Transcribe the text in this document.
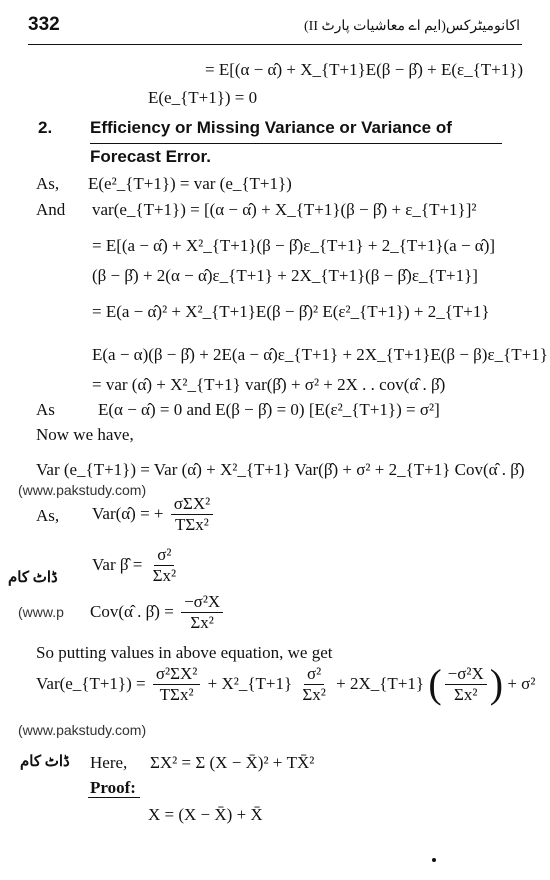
332	اکانومیٹرکس(ایم اے معاشیات پارٹ II)
= E[(α − α̂) + X_{T+1}E(β − β̂) + E(ε_{T+1})
E(e_{T+1}) = 0
2. Efficiency or Missing Variance or Variance of
Forecast Error.
As, E(e²_{T+1}) = var (e_{T+1})
And var(e_{T+1}) = [(α − α̂) + X_{T+1}(β − β̂) + ε_{T+1}]²
= E[(a − α̂) + X²_{T+1}(β − β̂)ε_{T+1} + 2_{T+1}(a − α̂)]
(β − β̂) + 2(α − α̂)ε_{T+1} + 2X_{T+1}(β − β̂)ε_{T+1}]
= E(a − α̂)² + X²_{T+1}E(β − β̂)² E(ε²_{T+1}) + 2_{T+1}
E(a − α)(β − β̂) + 2E(a − α̂)ε_{T+1} + 2X_{T+1}E(β − β)ε_{T+1}
= var (α̂) + X²_{T+1} var(β̂) + σ² + 2X . . cov(α̂ . β̂)
As	E(α − α̂) = 0 and E(β − β̂) = 0) [E(ε²_{T+1}) = σ²]
Now we have,
Var (e_{T+1}) = Var (α̂) + X²_{T+1} Var(β̂) + σ² + 2_{T+1} Cov(α̂ . β̂)
(www.pakstudy.com)
As, Var(α̂) = + $\frac{\text{σΣX²}}{\text{TΣx²}}$
ڈاٹ کام
Var β̂ = $\frac{\text{σ²}}{\text{Σx²}}$
(www.p Cov(α̂ . β̂) = $\frac{\text{−σ²X}}{\text{Σx²}}$
So putting values in above equation, we get
Var(e_{T+1}) = $\frac{\text{σ²ΣX²}}{\text{TΣx²}}$ + X²_{T+1} $\frac{\text{σ²}}{\text{Σx²}}$ + 2X_{T+1} ( $\frac{\text{−σ²X}}{\text{Σx²}}$ ) + σ²
(www.pakstudy.com)
ڈاٹ کام Here, ΣX² = Σ (X − X̄)² + TX̄²
Proof:
X = (X − X̄) + X̄
